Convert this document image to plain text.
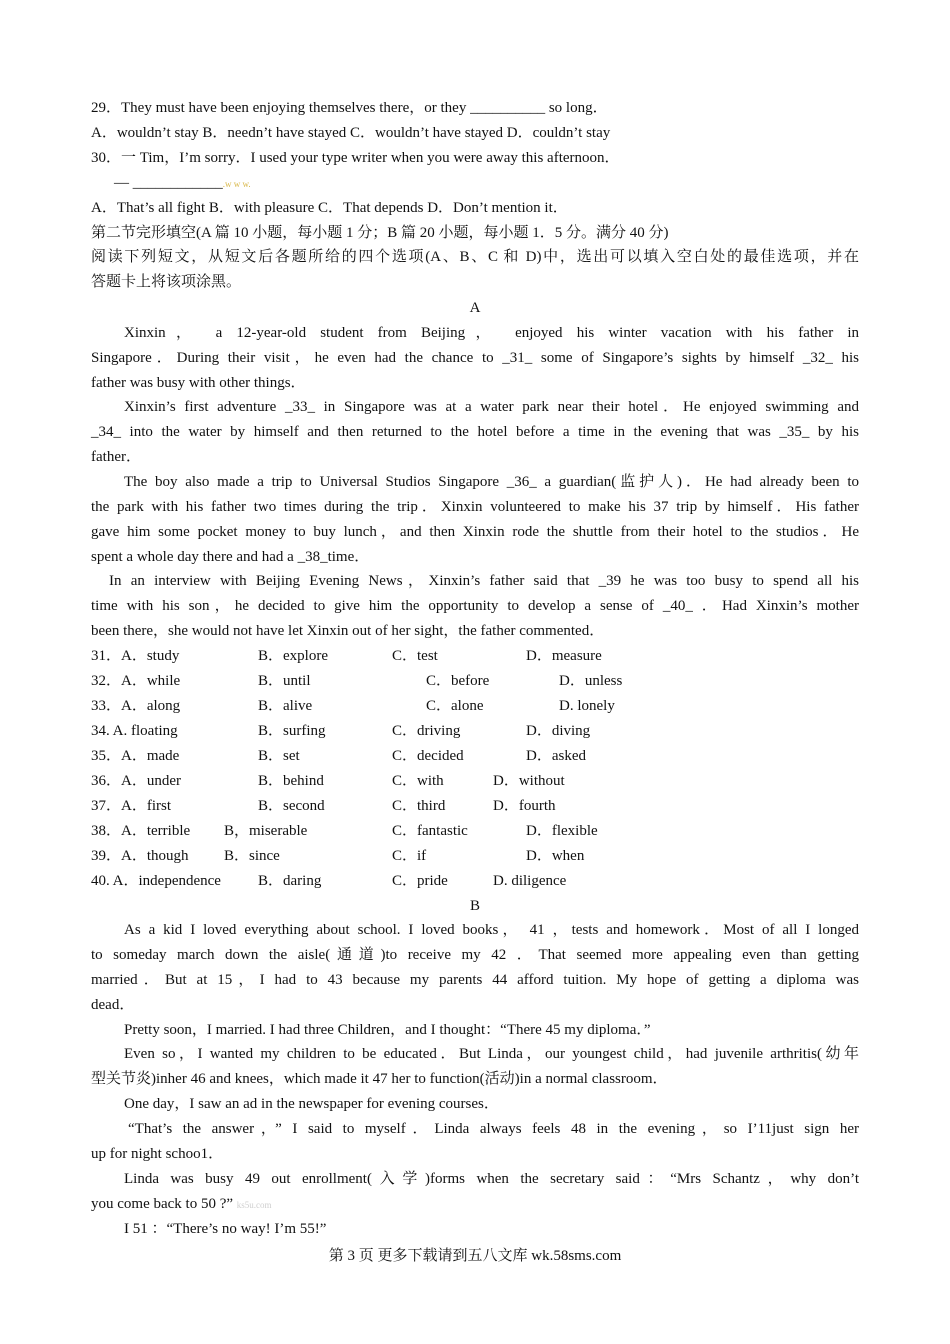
29．They must have been enjoying themselves there，or they __________ so long．
A．wouldn’t stay B．needn’t have stayed C．wouldn’t have stayed D．couldn’t stay
30．一 Tim，I’m sorry．I used your type writer when you were away this afternoon．
— ____________.w w w.
A．That’s all fight B．with pleasure C．That depends D．Don’t mention it．
第二节完形填空(A 篇 10 小题，每小题 1 分；B 篇 20 小题，每小题 1．5 分。满分 40 分)
阅读下列短文，从短文后各题所给的四个选项(A、B、C 和 D)中，选出可以填入空白处的最佳选项，并在
答题卡上将该项涂黑。
A
Xinxin， a 12-year-old student from Beijing， enjoyed his winter vacation with his father in
Singapore．During their visit，he even had the chance to _31_ some of Singapore’s sights by himself _32_ his
father was busy with other things．
Xinxin’s first adventure _33_ in Singapore was at a water park near their hotel．He enjoyed swimming and
_34_ into the water by himself and then returned to the hotel before a time in the evening that was _35_ by his
father．
The boy also made a trip to Universal Studios Singapore _36_ a guardian(监护人)．He had already been to
the park with his father two times during the trip．Xinxin volunteered to make his 37 trip by himself．His father
gave him some pocket money to buy lunch，and then Xinxin rode the shuttle from their hotel to the studios．He
spent a whole day there and had a _38_time．
In an interview with Beijing Evening News，Xinxin’s father said that _39 he was too busy to spend all his
time with his son，he decided to give him the opportunity to develop a sense of _40_ ．Had Xinxin’s mother
been there，she would not have let Xinxin out of her sight，the father commented．
31．A．study	B．explore	C．test	D．measure
32．A．while	B．until	C．before	D．unless
33．A．along	B．alive	C．alone	D. lonely
34. A. floating	B．surfing	C．driving	D．diving
35．A．made	B．set	C．decided	D．asked
36．A．under	B．behind	C．with	D．without
37．A．first	B．second	C．third	D．fourth
38．A．terrible B，miserable	C．fantastic	D．flexible
39．A．though B．since	C．if	D．when
40. A．independence B．daring	C．pride	D. diligence
B
As a kid I loved everything about school. I loved books， 41 ，tests and homework．Most of all I longed
to someday march down the aisle(通道)to receive my 42 ．That seemed more appealing even than getting
married．But at 15，I had to 43 because my parents 44 afford tuition. My hope of getting a diploma was
dead．
Pretty soon，I married. I had three Children，and I thought：“There 45 my diploma．”
Even so，I wanted my children to be educated．But Linda，our youngest child，had juvenile arthritis(幼年
型关节炎)inher 46 and knees，which made it 47 her to function(活动)in a normal classroom．
One day，I saw an ad in the newspaper for evening courses．
“That’s the answer，” I said to myself．Linda always feels 48 in the evening，so I’11just sign her
up for night schoo1．
Linda was busy 49 out enrollment(入学)forms when the secretary said：“Mrs Schantz，why don’t
you come back to 50 ?” ks5u.com
I 51 ：“There’s no way! I’m 55!”
第 3 页 更多下载请到五八文库 wk.58sms.com
